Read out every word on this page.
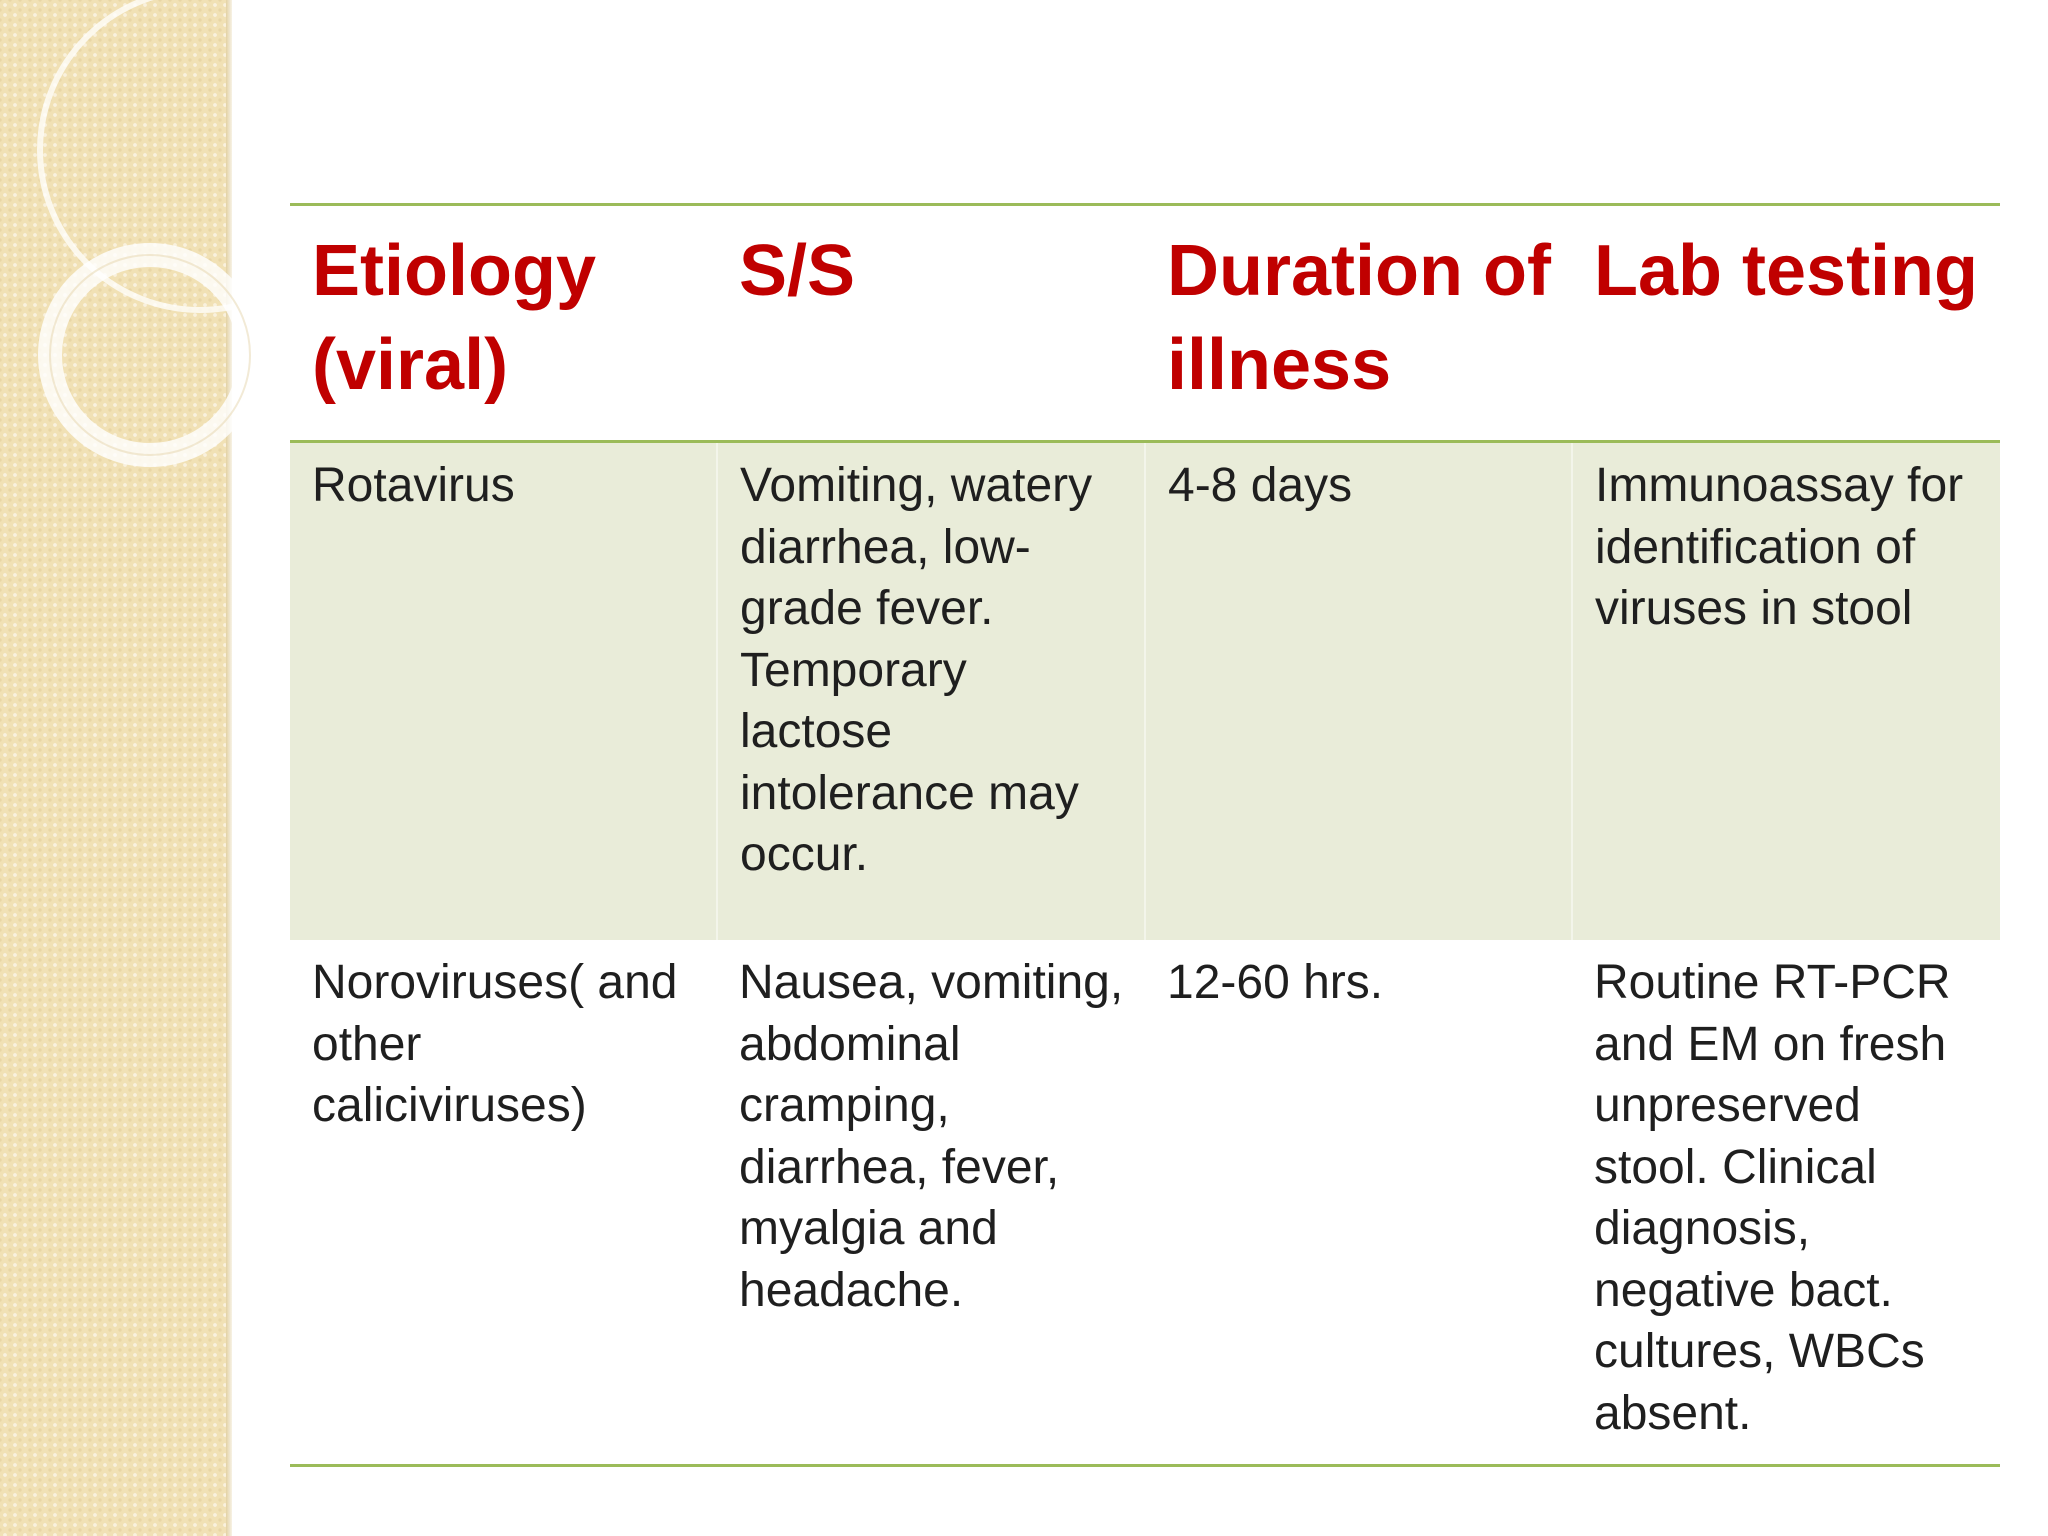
Etiology (viral)	S/S	Duration of illness	Lab testing

Rotavirus	Vomiting, watery diarrhea, low-grade fever. Temporary lactose intolerance may occur.	4-8 days	Immunoassay for identification of viruses in stool

Noroviruses( and other caliciviruses)	Nausea, vomiting, abdominal cramping, diarrhea, fever, myalgia and headache.	12-60 hrs.	Routine RT-PCR and EM on fresh unpreserved stool. Clinical diagnosis, negative bact. cultures, WBCs absent.
